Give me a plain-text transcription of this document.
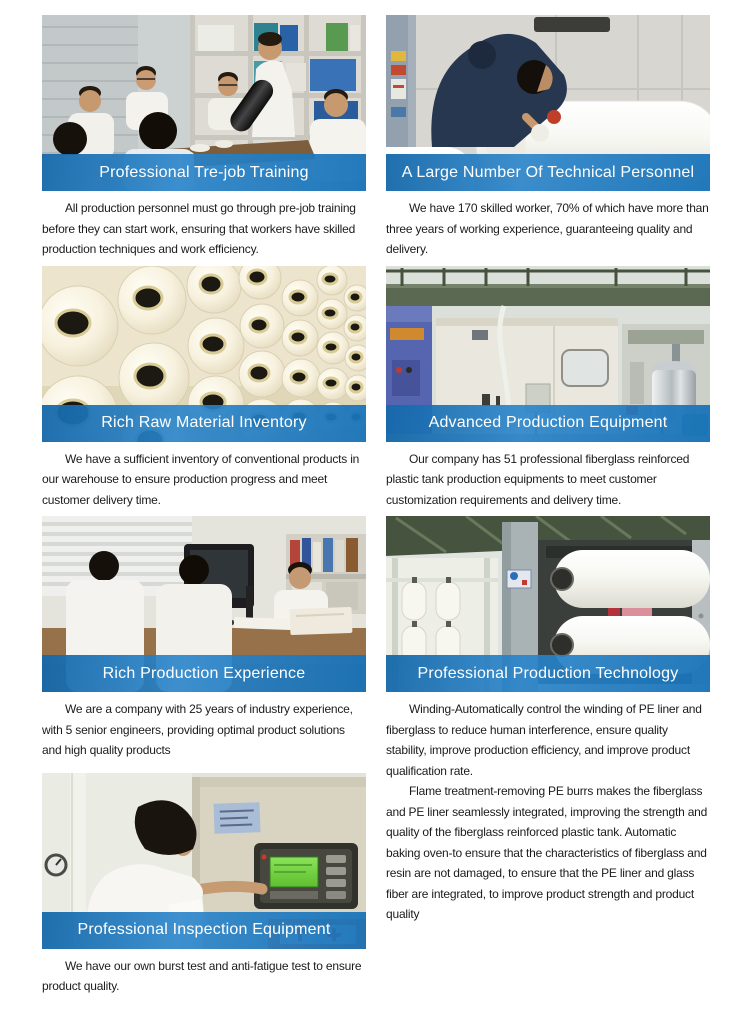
Professional Tre-job Training

All production personnel must go through pre-job training before they can start work, ensuring that workers have skilled production techniques and work efficiency.

Rich Raw Material Inventory

We have a sufficient inventory of conventional products in our warehouse to ensure production progress and meet customer delivery time.

Rich Production Experience

We are a company with 25 years of industry experience, with 5 senior engineers, providing optimal product solutions and high quality products

Professional Inspection Equipment

We have our own burst test and anti-fatigue test to ensure product quality.

A Large Number Of Technical Personnel

We have 170 skilled worker, 70% of which have more than three years of working experience, guaranteeing quality and delivery.

Advanced Production Equipment

Our company has 51 professional fiberglass reinforced plastic tank production equipments to meet customer customization requirements and delivery time.

Professional Production Technology

Winding-Automatically control the winding of PE liner and fiberglass to reduce human interference, ensure quality stability, improve production efficiency, and improve product qualification rate.

Flame treatment-removing PE burrs makes the fiberglass and PE liner seamlessly integrated, improving the strength and quality of the fiberglass reinforced plastic tank. Automatic baking oven-to ensure that the characteristics of fiberglass and resin are not damaged, to ensure that the PE liner and glass fiber are integrated, to improve product strength and product quality
